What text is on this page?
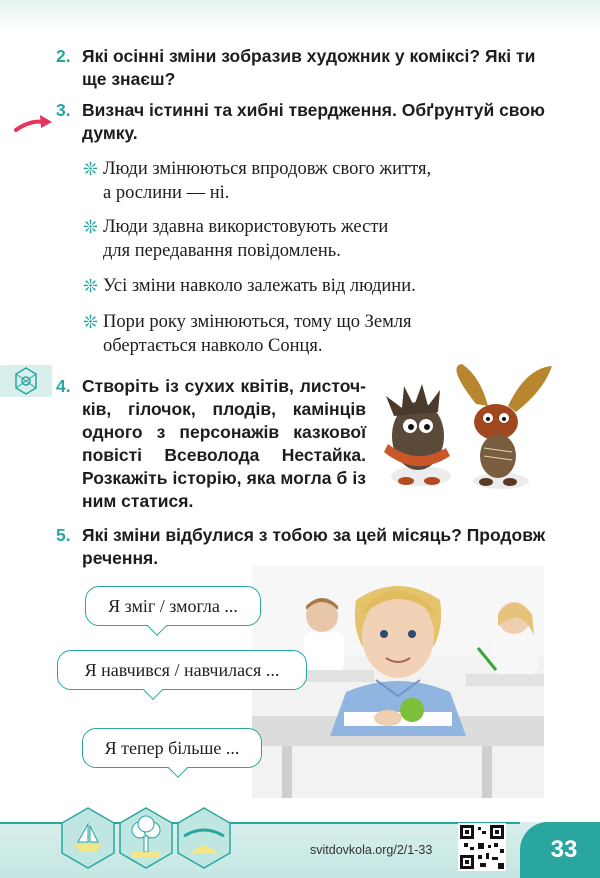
2. Які осінні зміни зобразив художник у коміксі? Які ти ще знаєш?
3. Визнач істинні та хибні твердження. Обґрунтуй свою думку.
❊ Люди змінюються впродовж свого життя,
а рослини — ні.
❊ Люди здавна використовують жести
для передавання повідомлень.
❊ Усі зміни навколо залежать від людини.
❊ Пори року змінюються, тому що Земля
обертається навколо Сонця.
4. Створіть із сухих квітів, листоч-ків, гілочок, плодів, камінців одного з персонажів казкової повісті Всеволода Нестайка. Розкажіть історію, яка могла б із ним статися.
5. Які зміни відбулися з тобою за цей місяць? Продовж речення.
Я зміг / змогла ...
Я навчився / навчилася ...
Я тепер більше ...
svitdovkola.org/2/1-33	33
